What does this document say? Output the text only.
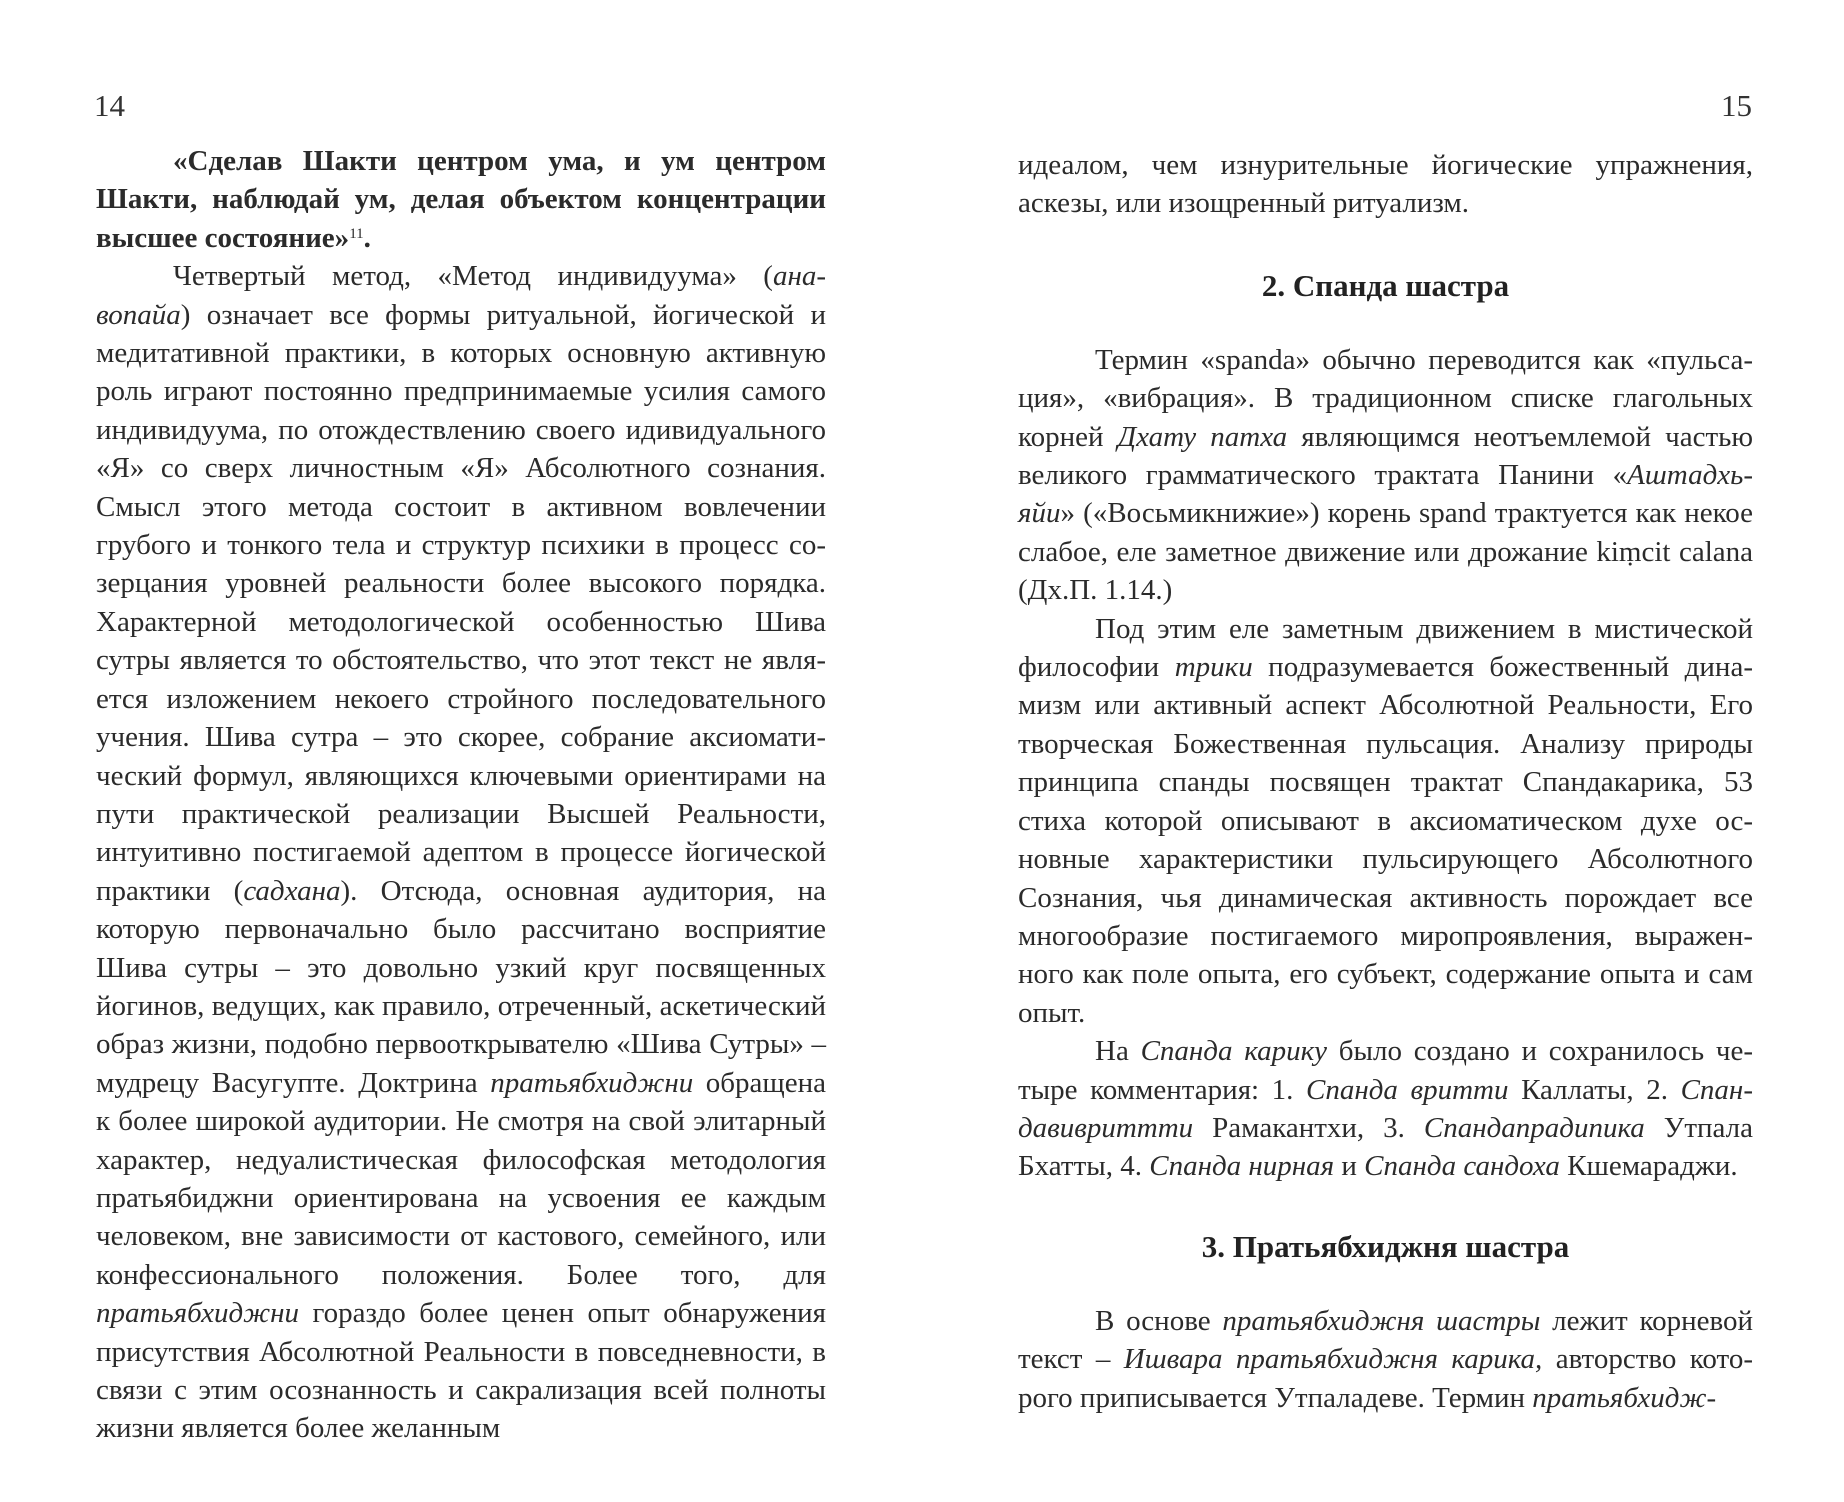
14

«Сделав Шакти центром ума, и ум центром Шакти, наблюдай ум, делая объектом концентрации высшее состояние»$^{11}$.

Четвертый метод, «Метод индивидуума» (анавопайа) означает все формы ритуальной, йогической и медитативной практики, в которых основную активную роль играют постоянно предпринимаемые усилия самого индивидуума, по отождествлению своего идивидуального «Я» со сверх личностным «Я» Абсолютного сознания. Смысл этого метода состоит в активном вовлечении грубого и тонкого тела и структур психики в процесс созерцания уровней реальности более высокого порядка. Характерной методологической особенностью Шива сутры является то обстоятельство, что этот текст не является изложением некоего стройного последовательного учения. Шива сутра – это скорее, собрание аксиоматический формул, являющихся ключевыми ориентирами на пути практической реализации Высшей Реальности, интуитивно постигаемой адептом в процессе йогической практики (садхана). Отсюда, основная аудитория, на которую первоначально было рассчитано восприятие Шива сутры – это довольно узкий круг посвященных йогинов, ведущих, как правило, отреченный, аскетический образ жизни, подобно первооткрывателю «Шива Сутры» – мудрецу Васугупте. Доктрина пратьябхиджни обращена к более широкой аудитории. Не смотря на свой элитарный характер, недуалистическая философская методология пратьябиджни ориентирована на усвоения ее каждым человеком, вне зависимости от кастового, семейного, или конфессионального положения. Более того, для пратьябхиджни гораздо более ценен опыт обнаружения присутствия Абсолютной Реальности в повседневности, в связи с этим осознанность и сакрализация всей полноты жизни является более желанным

15

идеалом, чем изнурительные йогические упражнения, аскезы, или изощренный ритуализм.

2. Спанда шастра

Термин «spanda» обычно переводится как «пульсация», «вибрация». В традиционном списке глагольных корней Дхату патха являющимся неотъемлемой частью великого грамматического трактата Панини «Аштадхьяйи» («Восьмикнижие») корень spand трактуется как некое слабое, еле заметное движение или дрожание kiṃcit calana (Дх.П. 1.14.)

Под этим еле заметным движением в мистической философии трики подразумевается божественный динамизм или активный аспект Абсолютной Реальности, Его творческая Божественная пульсация. Анализу природы принципа спанды посвящен трактат Спандакарика, 53 стиха которой описывают в аксиоматическом духе основные характеристики пульсирующего Абсолютного Сознания, чья динамическая активность порождает все многообразие постигаемого миропроявления, выраженного как поле опыта, его субъект, содержание опыта и сам опыт.

На Спанда карику было создано и сохранилось четыре комментария: 1. Спанда вритти Каллаты, 2. Спандавивриттти Рамакантхи, 3. Спандапрадипика Утпала Бхатты, 4. Спанда нирная и Спанда сандоха Кшемараджи.

3. Пратьябхиджня шастра

В основе пратьябхиджня шастры лежит корневой текст – Ишвара пратьябхиджня карика, авторство которого приписывается Утпаладеве. Термин пратьябхидж-
